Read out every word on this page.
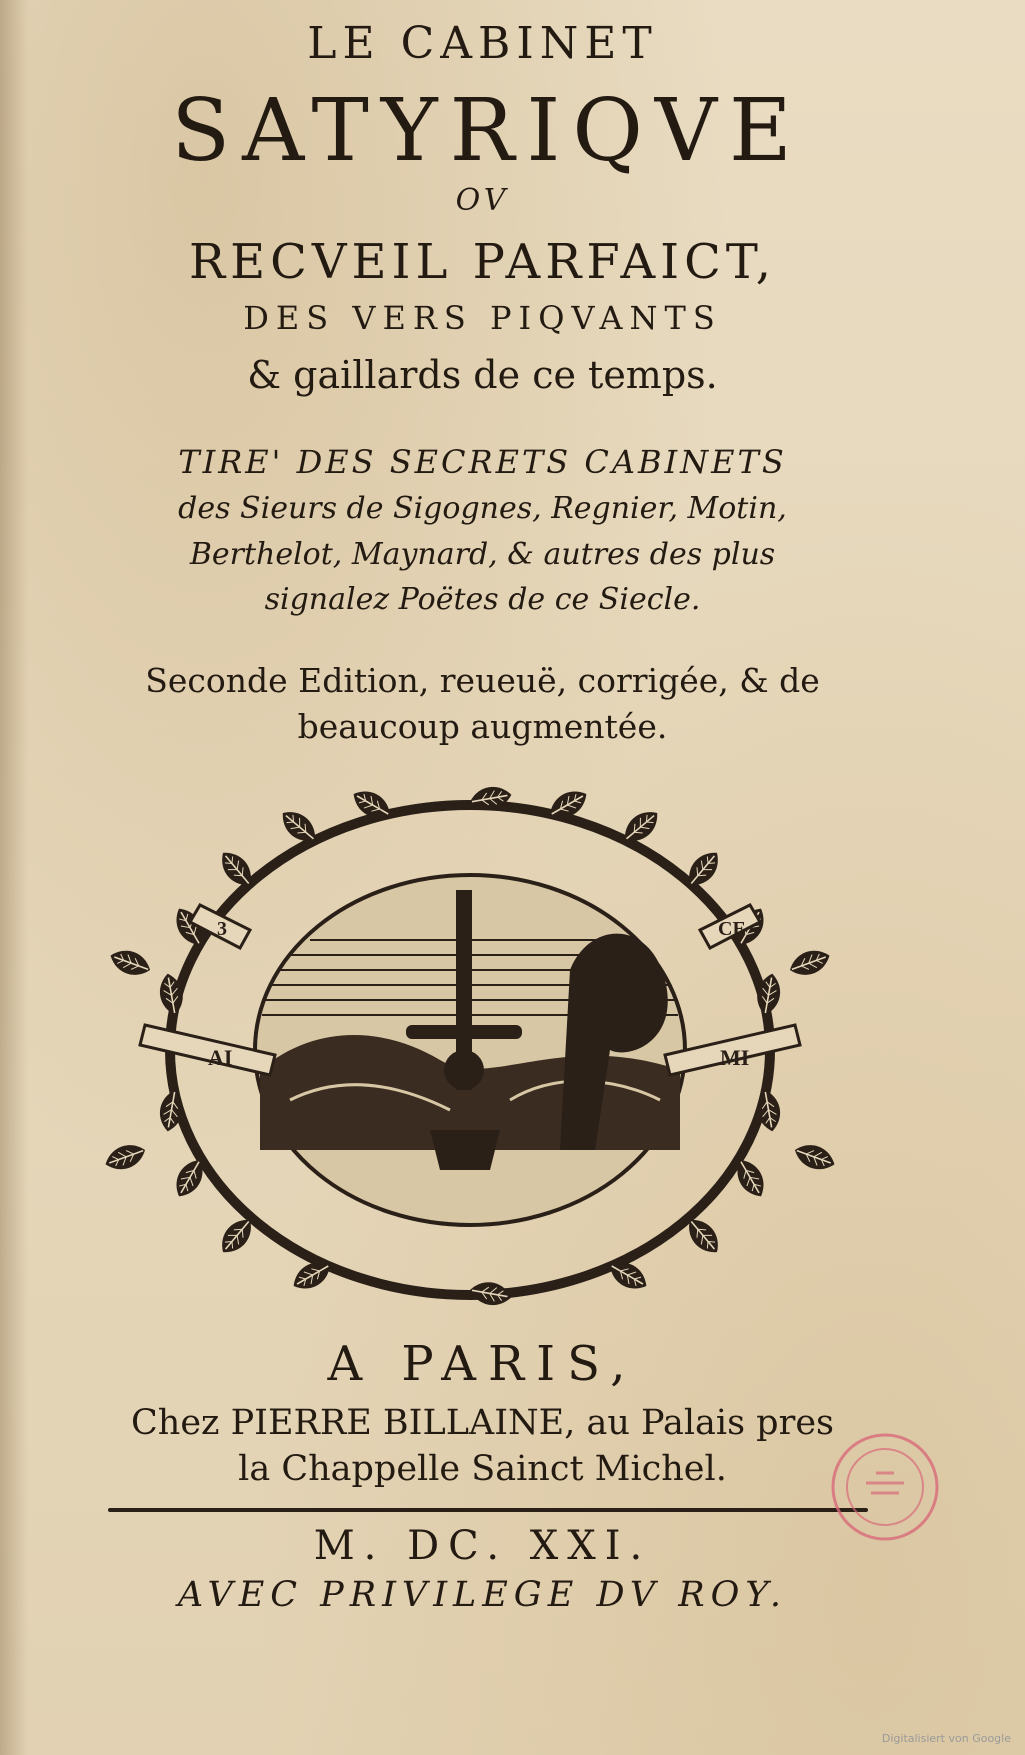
LE CABINET
SATYRIQVE
OV
RECVEIL PARFAICT,
DES VERS PIQVANTS
& gaillards de ce temps.
TIRE' DES SECRETS CABINETS
des Sieurs de Sigognes, Regnier, Motin,
Berthelot, Maynard, & autres des plus
signalez Poëtes de ce Siecle.
Seconde Edition, reueuë, corrigée, & de
beaucoup augmentée.
AI	MI
3	CE
A PARIS,
Chez PIERRE BILLAINE, au Palais pres
la Chappelle Sainct Michel.
M. DC. XXI.
AVEC PRIVILEGE DV ROY.
Digitalisiert von Google
